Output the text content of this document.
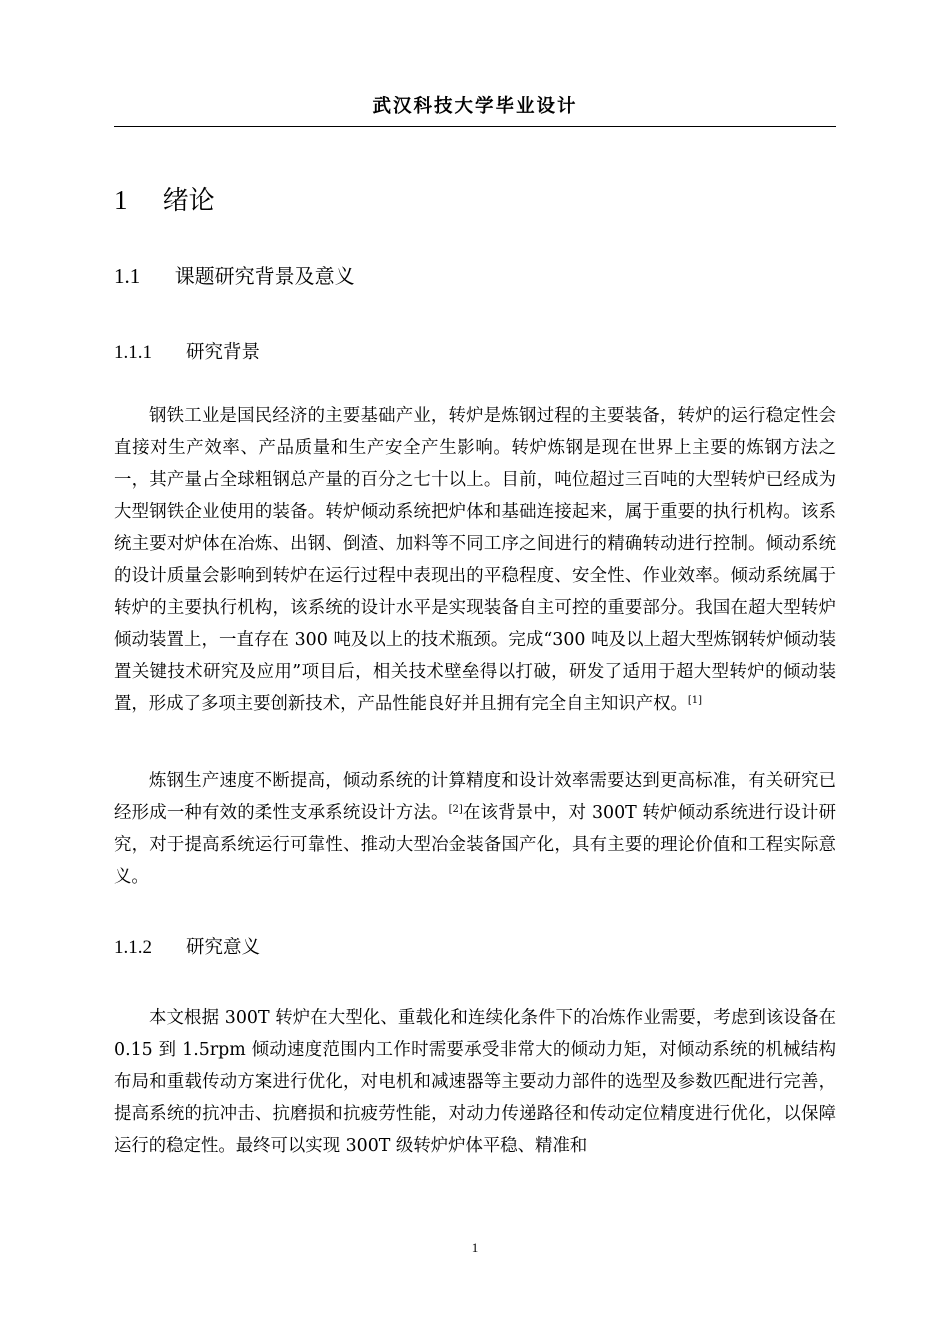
武汉科技大学毕业设计
1 绪论
1.1 课题研究背景及意义
1.1.1 研究背景

钢铁工业是国民经济的主要基础产业，转炉是炼钢过程的主要装备，转炉的运行稳定性会直接对生产效率、产品质量和生产安全产生影响。转炉炼钢是现在世界上主要的炼钢方法之一，其产量占全球粗钢总产量的百分之七十以上。目前，吨位超过三百吨的大型转炉已经成为大型钢铁企业使用的装备。转炉倾动系统把炉体和基础连接起来，属于重要的执行机构。该系统主要对炉体在冶炼、出钢、倒渣、加料等不同工序之间进行的精确转动进行控制。倾动系统的设计质量会影响到转炉在运行过程中表现出的平稳程度、安全性、作业效率。倾动系统属于转炉的主要执行机构，该系统的设计水平是实现装备自主可控的重要部分。我国在超大型转炉倾动装置上，一直存在 300 吨及以上的技术瓶颈。完成“300 吨及以上超大型炼钢转炉倾动装置关键技术研究及应用”项目后，相关技术壁垒得以打破，研发了适用于超大型转炉的倾动装置，形成了多项主要创新技术，产品性能良好并且拥有完全自主知识产权。[1]

炼钢生产速度不断提高，倾动系统的计算精度和设计效率需要达到更高标准，有关研究已经形成一种有效的柔性支承系统设计方法。[2]在该背景中，对 300T 转炉倾动系统进行设计研究，对于提高系统运行可靠性、推动大型冶金装备国产化，具有主要的理论价值和工程实际意义。

1.1.2 研究意义

本文根据 300T 转炉在大型化、重载化和连续化条件下的冶炼作业需要，考虑到该设备在 0.15 到 1.5rpm 倾动速度范围内工作时需要承受非常大的倾动力矩，对倾动系统的机械结构布局和重载传动方案进行优化，对电机和减速器等主要动力部件的选型及参数匹配进行完善，提高系统的抗冲击、抗磨损和抗疲劳性能，对动力传递路径和传动定位精度进行优化，以保障运行的稳定性。最终可以实现 300T 级转炉炉体平稳、精准和

1
